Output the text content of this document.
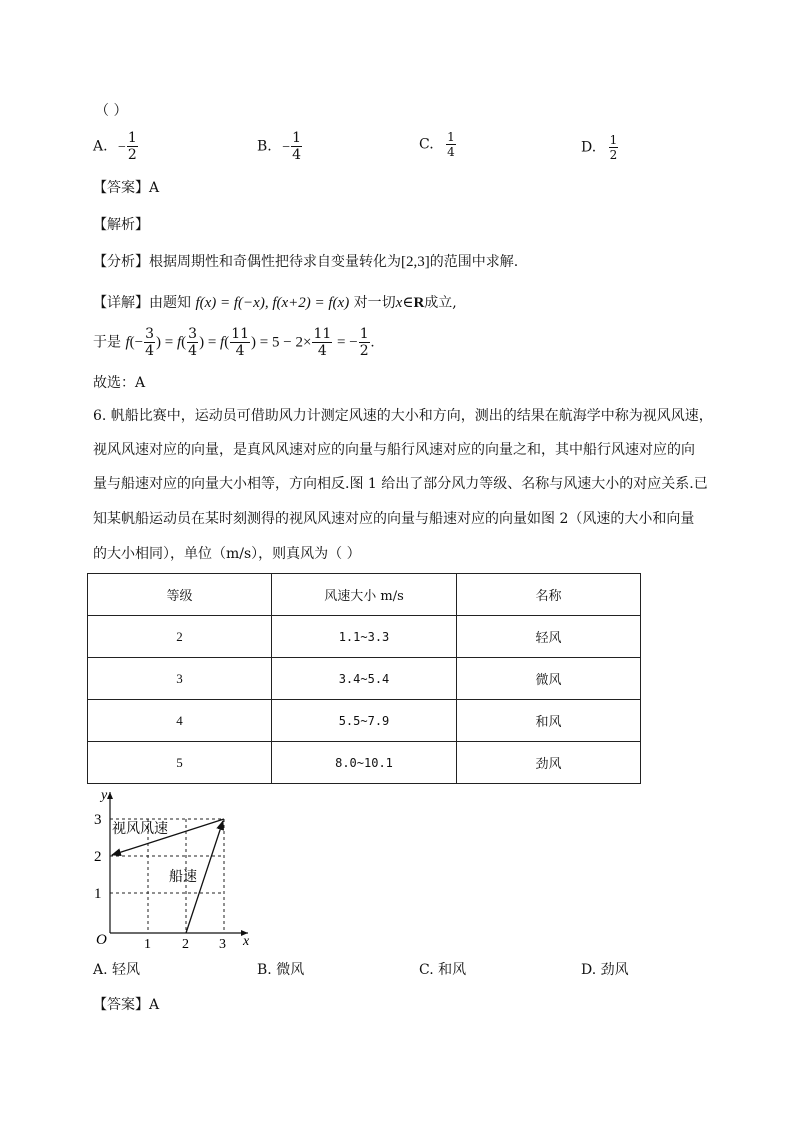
（ ）
A. − $\frac{1}{2}$	B. − $\frac{1}{4}$	C. $\frac{1}{4}$	D. $\frac{1}{2}$
【答案】A
【解析】
【分析】根据周期性和奇偶性把待求自变量转化为[2,3]的范围中求解.
【详解】由题知 f(x) = f(−x), f(x+2) = f(x) 对一切x∈R成立,
于是 $f(- \frac{3}{4}$ ) = $f( \frac{3}{4}$ ) = $f( \frac{11}{4}$ ) = $5 - 2\times \frac{11}{4}$ = − $\frac{1}{2}$ .
故选：A
6. 帆船比赛中，运动员可借助风力计测定风速的大小和方向，测出的结果在航海学中称为视风风速，
视风风速对应的向量，是真风风速对应的向量与船行风速对应的向量之和，其中船行风速对应的向
量与船速对应的向量大小相等，方向相反.图 1 给出了部分风力等级、名称与风速大小的对应关系.已
知某帆船运动员在某时刻测得的视风风速对应的向量与船速对应的向量如图 2（风速的大小和向量
的大小相同），单位（m/s），则真风为（ ）
等级	风速大小 m/s	名称
2	1.1~3.3	轻风
3	3.4~5.4	微风
4	5.5~7.9	和风
5	8.0~10.1	劲风
y
x
O	1 2 3
1
2
3
视风风速
船速
A. 轻风	B. 微风	C. 和风	D. 劲风
【答案】A
